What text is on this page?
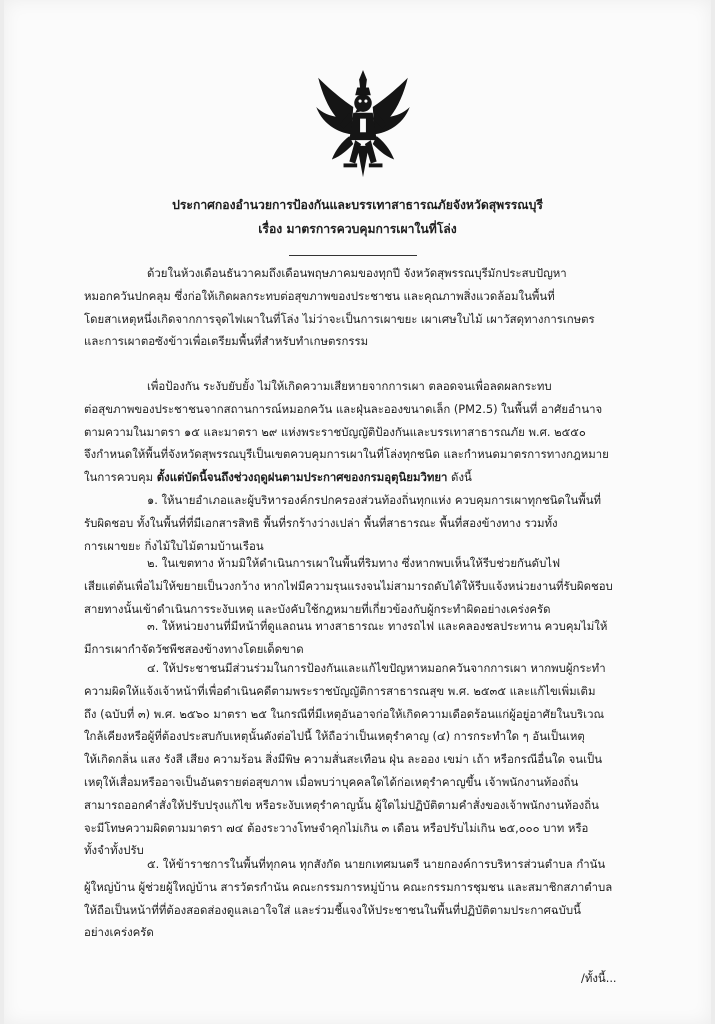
ประกาศกองอำนวยการป้องกันและบรรเทาสาธารณภัยจังหวัดสุพรรณบุรี
เรื่อง มาตรการควบคุมการเผาในที่โล่ง
ด้วยในห้วงเดือนธันวาคมถึงเดือนพฤษภาคมของทุกปี จังหวัดสุพรรณบุรีมักประสบปัญหา
หมอกควันปกคลุม ซึ่งก่อให้เกิดผลกระทบต่อสุขภาพของประชาชน และคุณภาพสิ่งแวดล้อมในพื้นที่
โดยสาเหตุหนึ่งเกิดจากการจุดไฟเผาในที่โล่ง ไม่ว่าจะเป็นการเผาขยะ เผาเศษใบไม้ เผาวัสดุทางการเกษตร
และการเผาตอซังข้าวเพื่อเตรียมพื้นที่สำหรับทำเกษตรกรรม
เพื่อป้องกัน ระงับยับยั้ง ไม่ให้เกิดความเสียหายจากการเผา ตลอดจนเพื่อลดผลกระทบ
ต่อสุขภาพของประชาชนจากสถานการณ์หมอกควัน และฝุ่นละอองขนาดเล็ก (PM2.5) ในพื้นที่ อาศัยอำนาจ
ตามความในมาตรา ๑๕ และมาตรา ๒๙ แห่งพระราชบัญญัติป้องกันและบรรเทาสาธารณภัย พ.ศ. ๒๕๕๐
จึงกำหนดให้พื้นที่จังหวัดสุพรรณบุรีเป็นเขตควบคุมการเผาในที่โล่งทุกชนิด และกำหนดมาตรการทางกฎหมาย
ในการควบคุม ตั้งแต่บัดนี้จนถึงช่วงฤดูฝนตามประกาศของกรมอุตุนิยมวิทยา ดังนี้
๑. ให้นายอำเภอและผู้บริหารองค์กรปกครองส่วนท้องถิ่นทุกแห่ง ควบคุมการเผาทุกชนิดในพื้นที่
รับผิดชอบ ทั้งในพื้นที่ที่มีเอกสารสิทธิ พื้นที่รกร้างว่างเปล่า พื้นที่สาธารณะ พื้นที่สองข้างทาง รวมทั้ง
การเผาขยะ กิ่งไม้ใบไม้ตามบ้านเรือน
๒. ในเขตทาง ห้ามมิให้ดำเนินการเผาในพื้นที่ริมทาง ซึ่งหากพบเห็นให้รีบช่วยกันดับไฟ
เสียแต่ต้นเพื่อไม่ให้ขยายเป็นวงกว้าง หากไฟมีความรุนแรงจนไม่สามารถดับได้ให้รีบแจ้งหน่วยงานที่รับผิดชอบ
สายทางนั้นเข้าดำเนินการระงับเหตุ และบังคับใช้กฎหมายที่เกี่ยวข้องกับผู้กระทำผิดอย่างเคร่งครัด
๓. ให้หน่วยงานที่มีหน้าที่ดูแลถนน ทางสาธารณะ ทางรถไฟ และคลองชลประทาน ควบคุมไม่ให้
มีการเผากำจัดวัชพืชสองข้างทางโดยเด็ดขาด
๔. ให้ประชาชนมีส่วนร่วมในการป้องกันและแก้ไขปัญหาหมอกควันจากการเผา หากพบผู้กระทำ
ความผิดให้แจ้งเจ้าหน้าที่เพื่อดำเนินคดีตามพระราชบัญญัติการสาธารณสุข พ.ศ. ๒๕๓๕ และแก้ไขเพิ่มเติม
ถึง (ฉบับที่ ๓) พ.ศ. ๒๕๖๐ มาตรา ๒๕ ในกรณีที่มีเหตุอันอาจก่อให้เกิดความเดือดร้อนแก่ผู้อยู่อาศัยในบริเวณ
ใกล้เคียงหรือผู้ที่ต้องประสบกับเหตุนั้นดังต่อไปนี้ ให้ถือว่าเป็นเหตุรำคาญ (๔) การกระทำใด ๆ อันเป็นเหตุ
ให้เกิดกลิ่น แสง รังสี เสียง ความร้อน สิ่งมีพิษ ความสั่นสะเทือน ฝุ่น ละออง เขม่า เถ้า หรือกรณีอื่นใด จนเป็น
เหตุให้เสื่อมหรืออาจเป็นอันตรายต่อสุขภาพ เมื่อพบว่าบุคคลใดได้ก่อเหตุรำคาญขึ้น เจ้าพนักงานท้องถิ่น
สามารถออกคำสั่งให้ปรับปรุงแก้ไข หรือระงับเหตุรำคาญนั้น ผู้ใดไม่ปฏิบัติตามคำสั่งของเจ้าพนักงานท้องถิ่น
จะมีโทษความผิดตามมาตรา ๗๔ ต้องระวางโทษจำคุกไม่เกิน ๓ เดือน หรือปรับไม่เกิน ๒๕,๐๐๐ บาท หรือ
ทั้งจำทั้งปรับ
๕. ให้ข้าราชการในพื้นที่ทุกคน ทุกสังกัด นายกเทศมนตรี นายกองค์การบริหารส่วนตำบล กำนัน
ผู้ใหญ่บ้าน ผู้ช่วยผู้ใหญ่บ้าน สารวัตรกำนัน คณะกรรมการหมู่บ้าน คณะกรรมการชุมชน และสมาชิกสภาตำบล
ให้ถือเป็นหน้าที่ที่ต้องสอดส่องดูแลเอาใจใส่ และร่วมชี้แจงให้ประชาชนในพื้นที่ปฏิบัติตามประกาศฉบับนี้
อย่างเคร่งครัด
/ทั้งนี้...
